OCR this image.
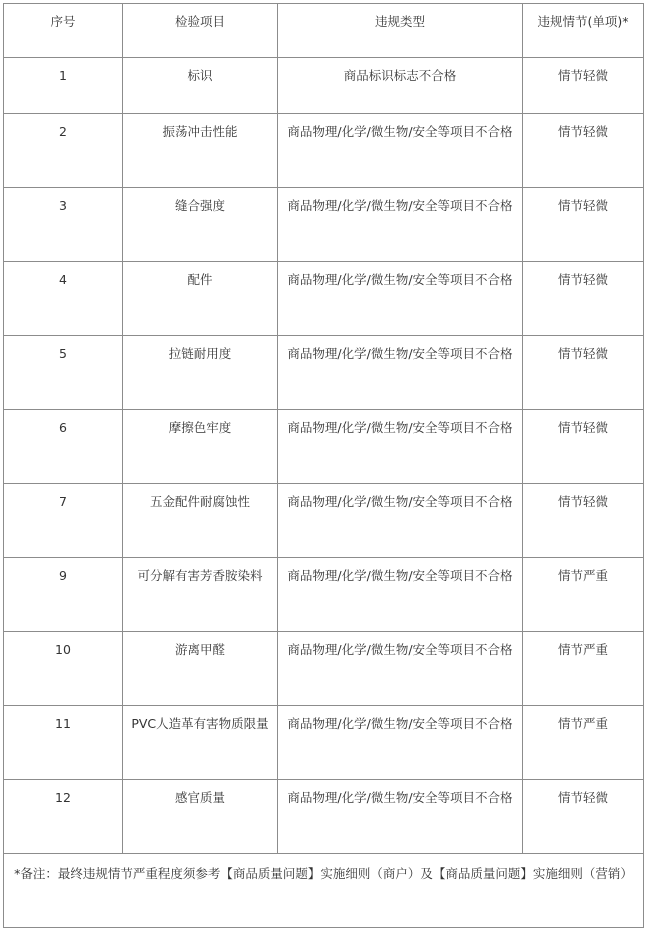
序号	检验项目	违规类型	违规情节(单项)*
1	标识	商品标识标志不合格	情节轻微
2	振荡冲击性能	商品物理/化学/微生物/安全等项目不合格	情节轻微
3	缝合强度	商品物理/化学/微生物/安全等项目不合格	情节轻微
4	配件	商品物理/化学/微生物/安全等项目不合格	情节轻微
5	拉链耐用度	商品物理/化学/微生物/安全等项目不合格	情节轻微
6	摩擦色牢度	商品物理/化学/微生物/安全等项目不合格	情节轻微
7	五金配件耐腐蚀性	商品物理/化学/微生物/安全等项目不合格	情节轻微
9	可分解有害芳香胺染料	商品物理/化学/微生物/安全等项目不合格	情节严重
10	游离甲醛	商品物理/化学/微生物/安全等项目不合格	情节严重
11	PVC人造革有害物质限量	商品物理/化学/微生物/安全等项目不合格	情节严重
12	感官质量	商品物理/化学/微生物/安全等项目不合格	情节轻微
*备注：最终违规情节严重程度须参考【商品质量问题】实施细则（商户）及【商品质量问题】实施细则（营销）			
